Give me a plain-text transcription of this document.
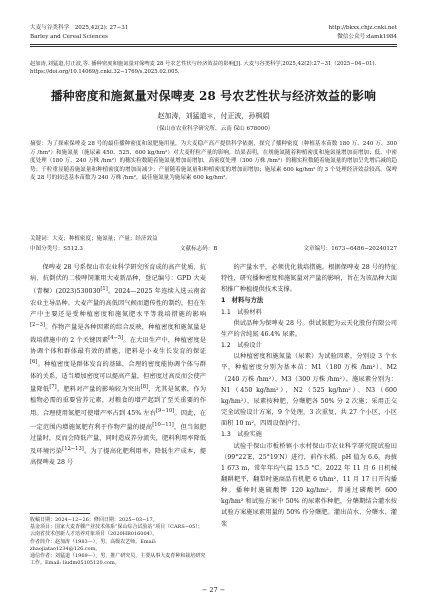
大麦与谷类科学　2025,42(2): 27−31	http://bkxx.chjz.cnki.net
Barley and Cereal Sciences	微信公众号:damk1984
赵加涛,刘猛道,付正波,等. 播种密度和施氮量对保啤麦 28 号农艺性状与经济效益的影响[J]. 大麦与谷类科学,2025,42(2):27−31（2025−04−01). https://doi.org/10.14069/j.cnki.32−1769/s.2025.02.005.
播种密度和施氮量对保啤麦 28 号农艺性状与经济效益的影响
赵加涛，刘猛道＊，付正波，孙枫娟
（保山市农业科学研究所，云南 保山 678000）
摘要：为了探索保啤麦 28 号的最佳播种密度和氮肥施用量，为大麦稳产高产提供科学依据，探究了播种密度（种植基本苗数 180 万、240 万、300 万 /hm²）和施氮量（施尿素 450、525、600 kg/hm²）对大麦籽粒产量的影响。结果表明，在规施氮随着种植密度和施氮量增加而增加；低、中密度处理（180 万、240 万株 /hm²）的穗实粒数随着施氮量增加而增加，高密度处理（300 万株 /hm²）的穗实粒数随着施氮量的增加呈先增后减的趋势；千粒重显随着施氮量和种植密度的增加而减少；产量随着施氮量和种植密度的增加而增加；施尿素 600 kg/hm² 的 3 个处理经济效益较高。保啤麦 28 号的较适基本苗数为 240 万株 /hm²，最佳施氮量为施尿素 600 kg/hm²。
关键词：大麦；种植密度；施氮量；产量；经济效益
中图分类号：S512.3	文献标志码：B	文章编号：1673−6486−20240127

保啤麦 28 号系保山市农业科学研究所育成的高产优质、抗病、抗倒伏的二棱啤饲兼用大麦新品种，登记编号：GPD 大麦（青稞）(2023)530030[1]。2024—2025 年连续入选云南省农业主导品种。大麦产量的高低因气候而遗传性的制约，但在生产中主要还是受种植密度和施氮肥水平等栽培措施的影响[2−3]。作物产量是各种因素的综合反映，种植密度和施氮量是栽培措施中的 2 个关键因素[4−5]。在大田生产中，种植密度是协调个体和群体最有效的措施，肥料是小麦生长发育的保证[6]。种植密度是群体发育的基础，合理的密度能协调个体与群体的关系，适当增加密度可以提高产量，但密度过高反而会使产量降低[7]。肥料对产量的影响较为突出[8]，尤其是氮素，作为植物必需的重要营养元素，对粮食的增产起到了至关重要的作用。合理使用氮肥可使增产率占到 45% 左右[9−10]。因此，在一定范围内增施氮肥有利于作物产量的提高[10−11]，但当氮肥过量时，反而会降低产量，同时造成养分流失，肥料利用率降低及环境污染[12−13]。为了提高化肥利用率，降低生产成本，提高保啤麦 28 号

的产量水平，必须优化栽培措施。根据保啤麦 28 号的特征特性，研究播种密度和施氮量对产量的影响，旨在为该品种大面积推广种植提供技术支撑。

1　材料与方法

1.1　试验材料

供试品种为保啤麦 28 号。供试氮肥为云天化股份有限公司生产的含纯氮 46.4% 尿素。

1.2　试验设计

以种植密度和施氮量（尿素）为试验因素，分别设 3 个水平，种植密度分别为基本苗：M1（180 万株 /hm²）、M2（240 万株 /hm²）、M3（300 万株 /hm²）。施尿素分别为：N1（450 kg/hm²）、N2（525 kg/hm²）、N3（600 kg/hm²），尿素按种肥、分蘖肥各 50% 分 2 次施；采用正交完全试验设计方案，9 个处理，3 次重复，共 27 个小区，小区面积 10 m²，四周设保护行。

1.3　试验实施

试验于保山市板桥镇小水村保山市农业科学研究院试验田（99°22′E，25°19′N）进行，前作水稻。pH 值为 6.6。海拔 1 673 m，常年年均气温 15.5 °C。2022 年 11 月 6 日机械翻耕耙平，翻犁时施商品有机肥 6 t/hm²，11 月 17 日开沟播种。播种时施硫酸钾 120 kg/hm²，普通过磷酸钙 600 kg/hm² 和试验方案中 50% 的尿素作种肥，分蘖期结合灌水按试验方案施尿素用量的 50% 作分蘖肥。灌出苗水、分蘖水、灌浆

收稿日期：2024−12−26；修回日期：2025−03−17。

基金项目：国家大麦青稞产业技术体系“保山综合试验站”项目（CARS−05）；云南省技术创新人才培养对象项目（2020HB016004）。

作者简介：赵加涛（1983—），男，高级农艺师。Email: zhaojiatao1234@126.com。

通信作者：刘猛道（1969—），男，推广研究员，主要从事大麦育种和栽培研究工作。Email: liudm05105120.com。

− 27 −
